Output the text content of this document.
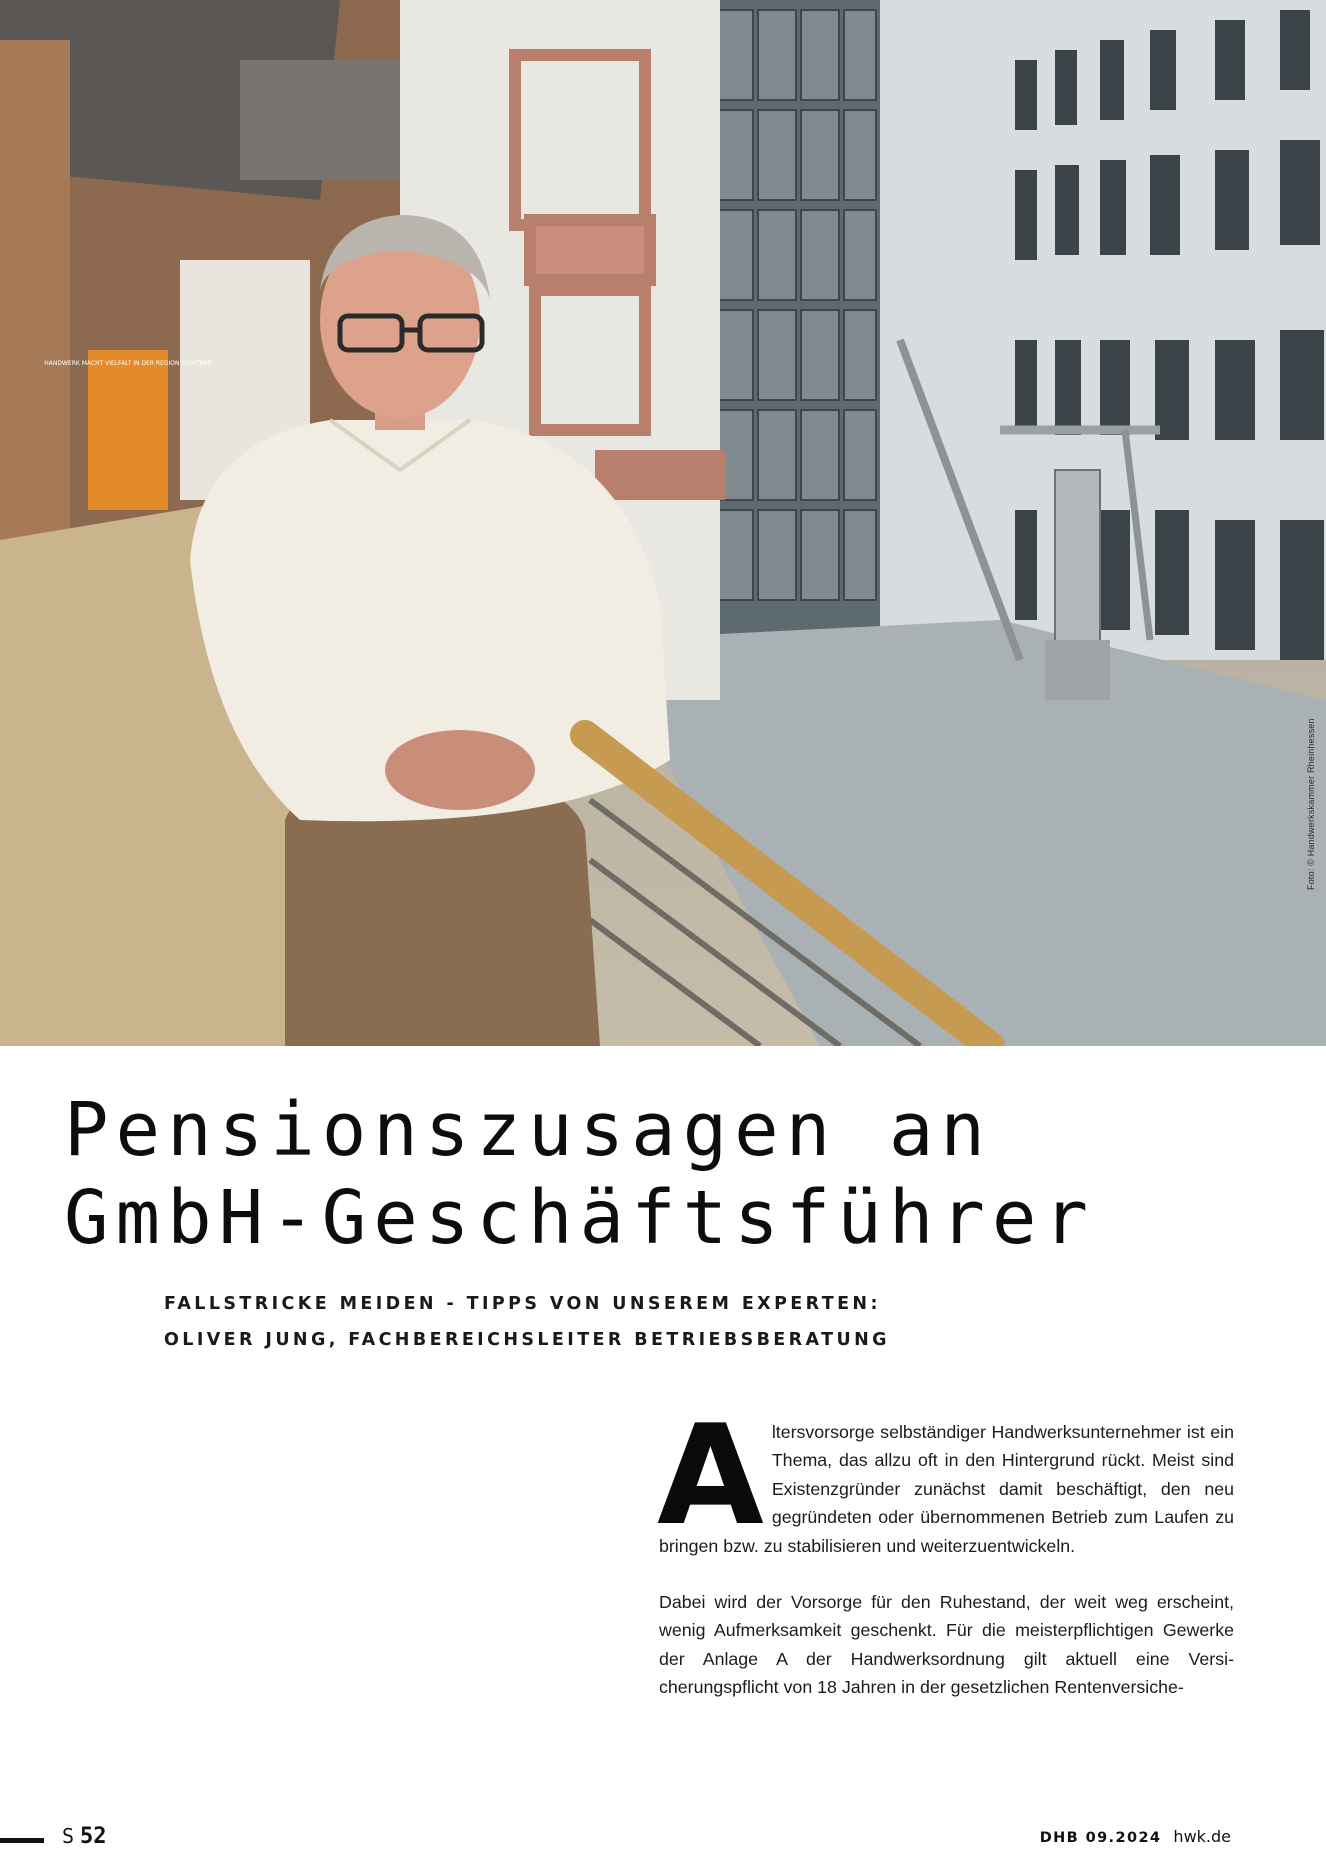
HANDWERK MACHT VIELFALT IN DER REGION SICHTBAR
Foto: © Handwerkskammer Rheinhessen
Pensionszusagen an
GmbH-Geschäftsführer
FALLSTRICKE MEIDEN - TIPPS VON UNSEREM EXPERTEN:
OLIVER JUNG, FACHBEREICHSLEITER BETRIEBSBERATUNG

Altersvorsorge selbständiger Handwerksunternehmer ist ein Thema, das allzu oft in den Hintergrund rückt. Meist sind Existenzgründer zunächst damit beschäftigt, den neu gegründeten oder übernommenen Betrieb zum Laufen zu bringen bzw. zu stabilisieren und weiterzuentwickeln.

Dabei wird der Vorsorge für den Ruhestand, der weit weg erscheint, wenig Aufmerksamkeit geschenkt. Für die meisterpflichtigen Gewerke der Anlage A der Handwerksordnung gilt aktuell eine Versicherungspflicht von 18 Jahren in der gesetzlichen Rentenversiche-

S 52	DHB 09.2024 hwk.de
